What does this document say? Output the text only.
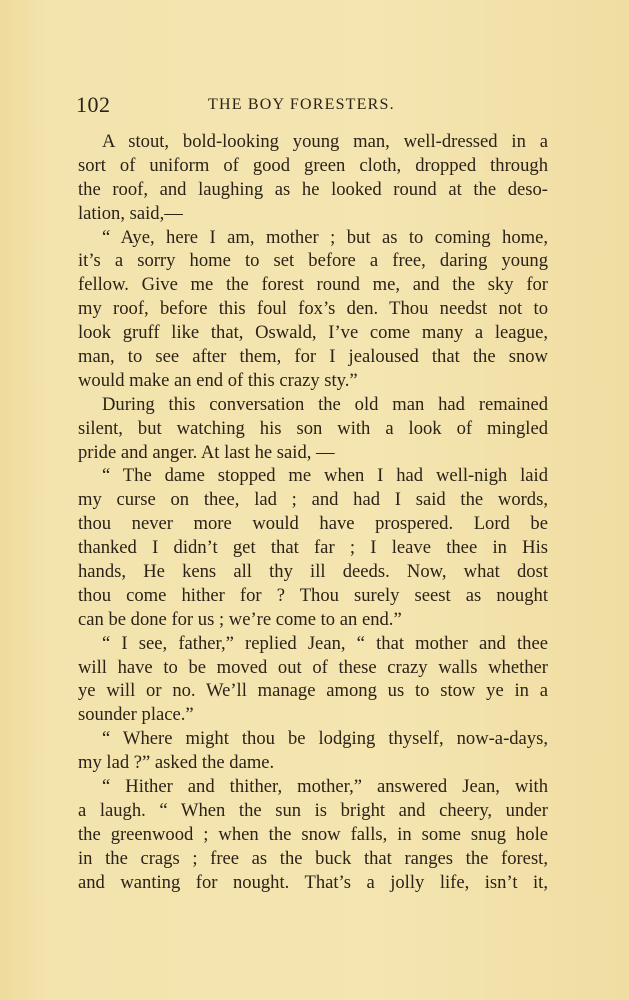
102	THE BOY FORESTERS.
A stout, bold-looking young man, well-dressed in a
sort of uniform of good green cloth, dropped through
the roof, and laughing as he looked round at the deso-
lation, said,—
“ Aye, here I am, mother ; but as to coming home,
it’s a sorry home to set before a free, daring young
fellow. Give me the forest round me, and the sky for
my roof, before this foul fox’s den. Thou needst not to
look gruff like that, Oswald, I’ve come many a league,
man, to see after them, for I jealoused that the snow
would make an end of this crazy sty.”
During this conversation the old man had remained
silent, but watching his son with a look of mingled
pride and anger. At last he said, —
“ The dame stopped me when I had well-nigh laid
my curse on thee, lad ; and had I said the words,
thou never more would have prospered. Lord be
thanked I didn’t get that far ; I leave thee in His
hands, He kens all thy ill deeds. Now, what dost
thou come hither for ? Thou surely seest as nought
can be done for us ; we’re come to an end.”
“ I see, father,” replied Jean, “ that mother and thee
will have to be moved out of these crazy walls whether
ye will or no. We’ll manage among us to stow ye in a
sounder place.”
“ Where might thou be lodging thyself, now-a-days,
my lad ?” asked the dame.
“ Hither and thither, mother,” answered Jean, with
a laugh. “ When the sun is bright and cheery, under
the greenwood ; when the snow falls, in some snug hole
in the crags ; free as the buck that ranges the forest,
and wanting for nought. That’s a jolly life, isn’t it,
